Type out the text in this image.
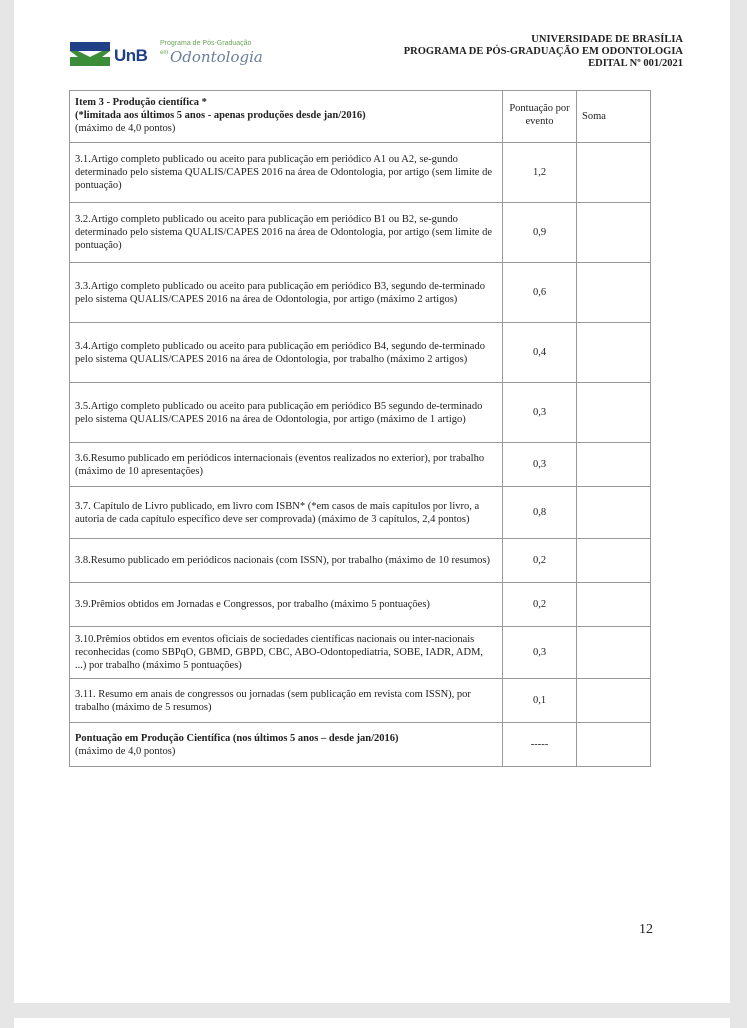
UnB
Programa de Pós-Graduação
em Odontologia
UNIVERSIDADE DE BRASÍLIA
PROGRAMA DE PÓS-GRADUAÇÃO EM ODONTOLOGIA
EDITAL Nº 001/2021
Item 3 - Produção científica *
(*limitada aos últimos 5 anos - apenas produções desde jan/2016)
(máximo de 4,0 pontos)	Pontuação por evento	Soma
3.1.Artigo completo publicado ou aceito para publicação em periódico A1 ou A2, se-gundo determinado pelo sistema QUALIS/CAPES 2016 na área de Odontologia, por artigo (sem limite de pontuação)	1,2	
3.2.Artigo completo publicado ou aceito para publicação em periódico B1 ou B2, se-gundo determinado pelo sistema QUALIS/CAPES 2016 na área de Odontologia, por artigo (sem limite de pontuação)	0,9	
3.3.Artigo completo publicado ou aceito para publicação em periódico B3, segundo de-terminado pelo sistema QUALIS/CAPES 2016 na área de Odontologia, por artigo (máximo 2 artigos)	0,6	
3.4.Artigo completo publicado ou aceito para publicação em periódico B4, segundo de-terminado pelo sistema QUALIS/CAPES 2016 na área de Odontologia, por trabalho (máximo 2 artigos)	0,4	
3.5.Artigo completo publicado ou aceito para publicação em periódico B5 segundo de-terminado pelo sistema QUALIS/CAPES 2016 na área de Odontologia, por artigo (máximo de 1 artigo)	0,3	
3.6.Resumo publicado em periódicos internacionais (eventos realizados no exterior), por trabalho (máximo de 10 apresentações)	0,3	
3.7. Capítulo de Livro publicado, em livro com ISBN* (*em casos de mais capítulos por livro, a autoria de cada capítulo específico deve ser comprovada) (máximo de 3 capítulos, 2,4 pontos)	0,8	
3.8.Resumo publicado em periódicos nacionais (com ISSN), por trabalho (máximo de 10 resumos)	0,2	
3.9.Prêmios obtidos em Jornadas e Congressos, por trabalho (máximo 5 pontuações)	0,2	
3.10.Prêmios obtidos em eventos oficiais de sociedades científicas nacionais ou inter-nacionais reconhecidas (como SBPqO, GBMD, GBPD, CBC, ABO-Odontopediatria, SOBE, IADR, ADM, ...) por trabalho (máximo 5 pontuações)	0,3	
3.11. Resumo em anais de congressos ou jornadas (sem publicação em revista com ISSN), por trabalho (máximo de 5 resumos)	0,1	

Pontuação em Produção Científica (nos últimos 5 anos – desde jan/2016)
(máximo de 4,0 pontos)	-----	
12
